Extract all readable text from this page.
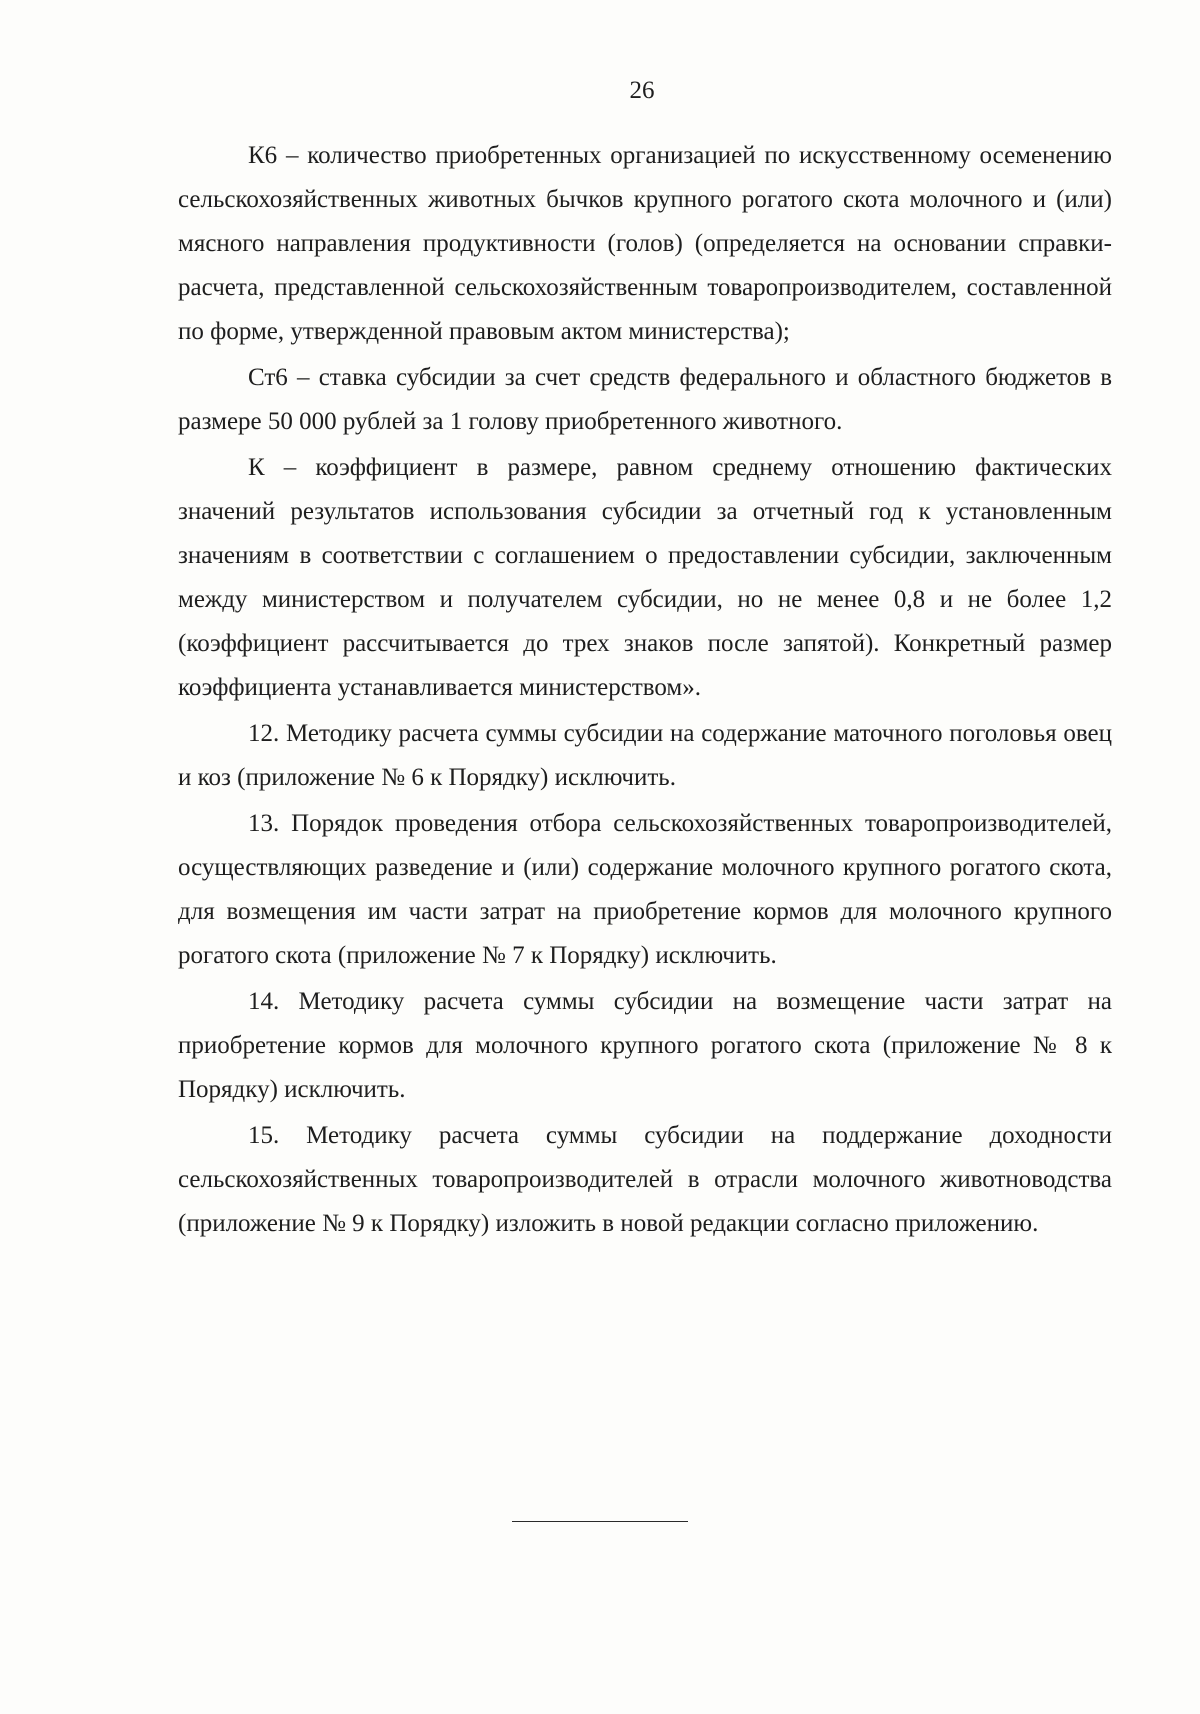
26

К6 – количество приобретенных организацией по искусственному осеменению сельскохозяйственных животных бычков крупного рогатого скота молочного и (или) мясного направления продуктивности (голов) (определяется на основании справки-расчета, представленной сельскохозяйственным товаропроизводителем, составленной по форме, утвержденной правовым актом министерства);

Ст6 – ставка субсидии за счет средств федерального и областного бюджетов в размере 50 000 рублей за 1 голову приобретенного животного.

К – коэффициент в размере, равном среднему отношению фактических значений результатов использования субсидии за отчетный год к установленным значениям в соответствии с соглашением о предоставлении субсидии, заключенным между министерством и получателем субсидии, но не менее 0,8 и не более 1,2 (коэффициент рассчитывается до трех знаков после запятой). Конкретный размер коэффициента устанавливается министерством».

12. Методику расчета суммы субсидии на содержание маточного поголовья овец и коз (приложение № 6 к Порядку) исключить.

13. Порядок проведения отбора сельскохозяйственных товаропроизводителей, осуществляющих разведение и (или) содержание молочного крупного рогатого скота, для возмещения им части затрат на приобретение кормов для молочного крупного рогатого скота (приложение № 7 к Порядку) исключить.

14. Методику расчета суммы субсидии на возмещение части затрат на приобретение кормов для молочного крупного рогатого скота (приложение № 8 к Порядку) исключить.

15. Методику расчета суммы субсидии на поддержание доходности сельскохозяйственных товаропроизводителей в отрасли молочного животноводства (приложение № 9 к Порядку) изложить в новой редакции согласно приложению.
